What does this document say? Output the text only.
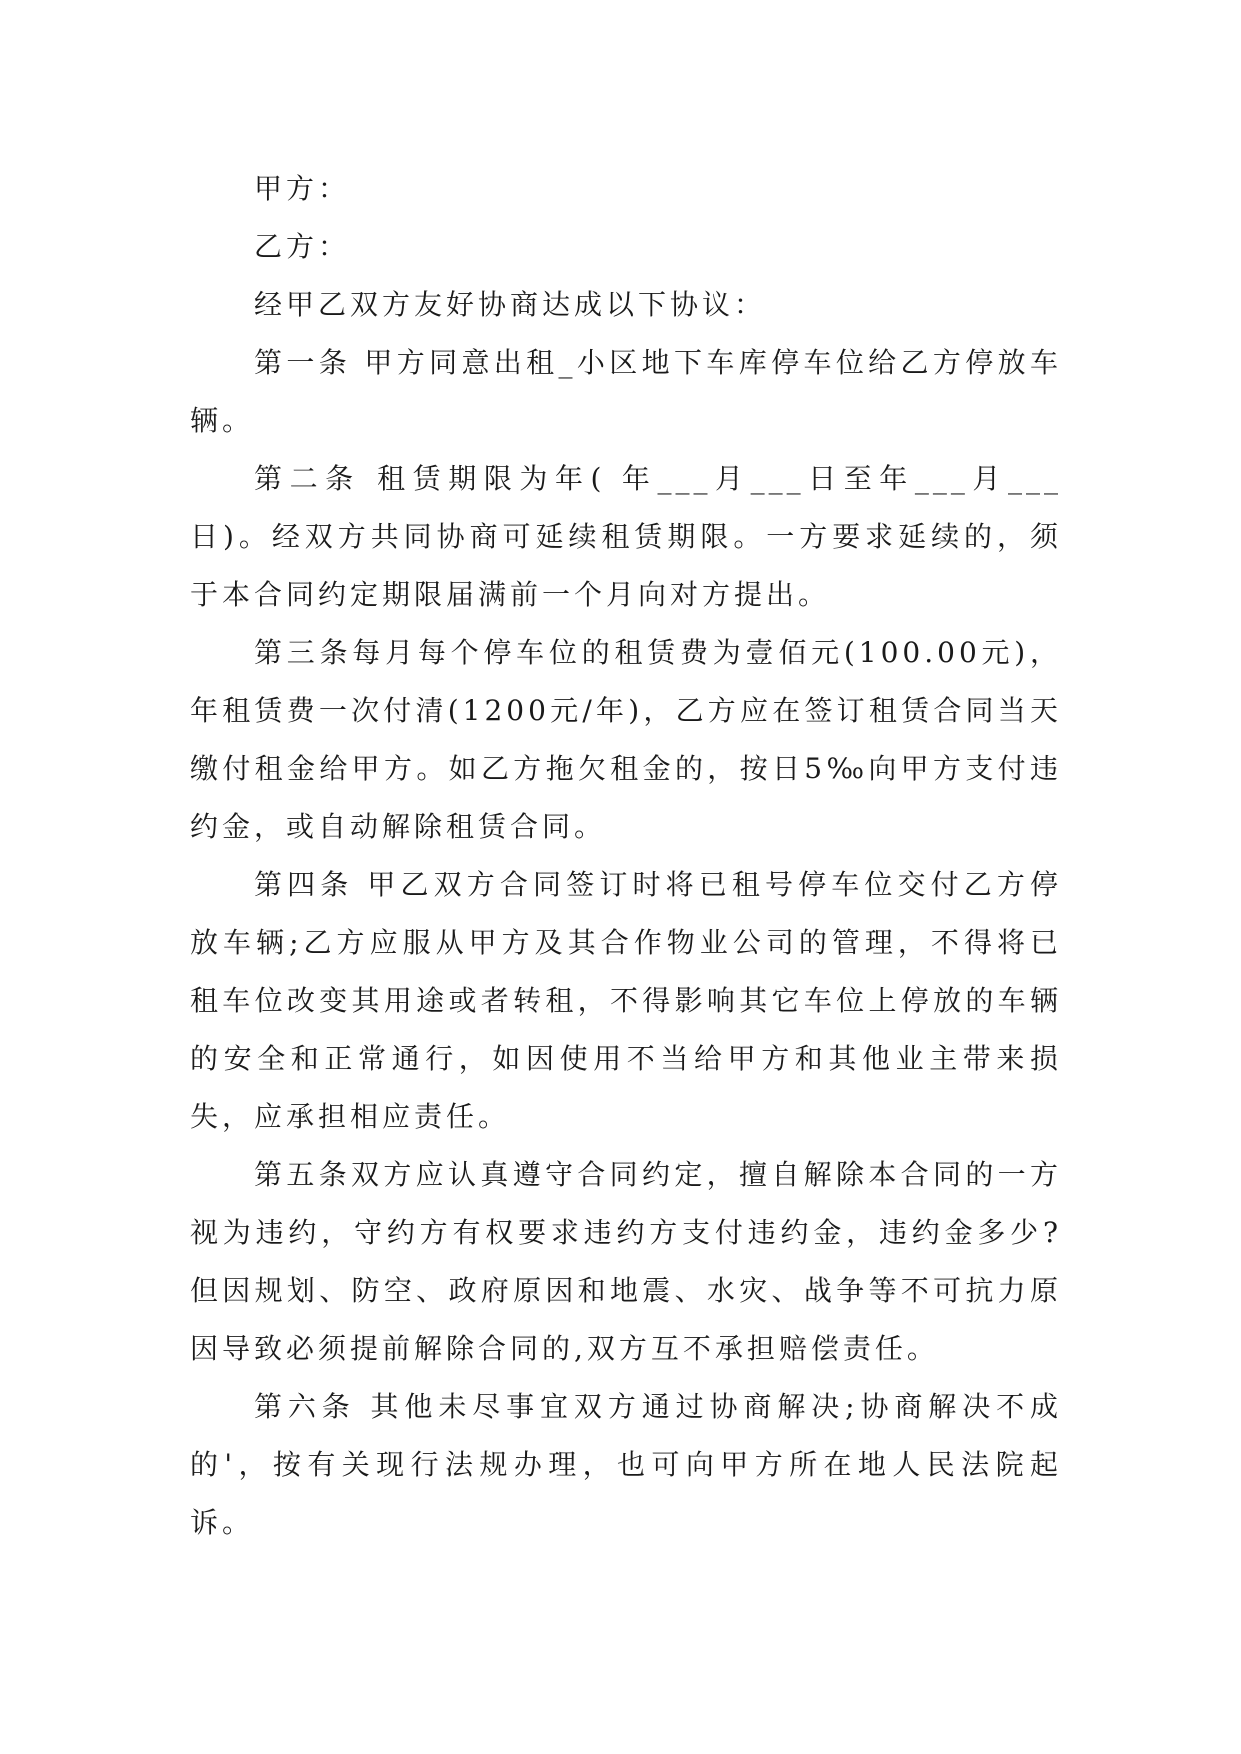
甲方：

乙方：

经甲乙双方友好协商达成以下协议：

第一条 甲方同意出租_小区地下车库停车位给乙方停放车辆。

第二条 租赁期限为年( 年___月___日至年___月___日)。经双方共同协商可延续租赁期限。一方要求延续的，须于本合同约定期限届满前一个月向对方提出。

第三条每月每个停车位的租赁费为壹佰元(100.00元)，年租赁费一次付清(1200元/年)，乙方应在签订租赁合同当天缴付租金给甲方。如乙方拖欠租金的，按日5‰向甲方支付违约金，或自动解除租赁合同。

第四条 甲乙双方合同签订时将已租号停车位交付乙方停放车辆;乙方应服从甲方及其合作物业公司的管理，不得将已租车位改变其用途或者转租，不得影响其它车位上停放的车辆的安全和正常通行，如因使用不当给甲方和其他业主带来损失，应承担相应责任。

第五条双方应认真遵守合同约定，擅自解除本合同的一方视为违约，守约方有权要求违约方支付违约金，违约金多少?但因规划、防空、政府原因和地震、水灾、战争等不可抗力原因导致必须提前解除合同的,双方互不承担赔偿责任。

第六条 其他未尽事宜双方通过协商解决;协商解决不成的'，按有关现行法规办理，也可向甲方所在地人民法院起诉。
